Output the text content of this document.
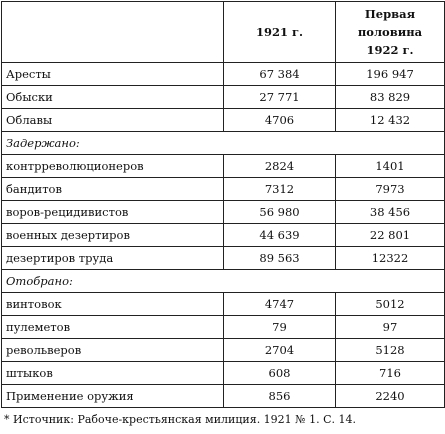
	1921 г.	Первая половина 1922 г.
Аресты	67 384	196 947
Обыски	27 771	83 829
Облавы	4706	12 432
Задержано:		
контрреволюционеров	2824	1401
бандитов	7312	7973
воров-рецидивистов	56 980	38 456
военных дезертиров	44 639	22 801
дезертиров труда	89 563	12322
Отобрано:		
винтовок	4747	5012
пулеметов	79	97
револьверов	2704	5128
штыков	608	716
Применение оружия	856	2240
* Источник: Рабоче-крестьянская милиция. 1921 № 1. С. 14.
